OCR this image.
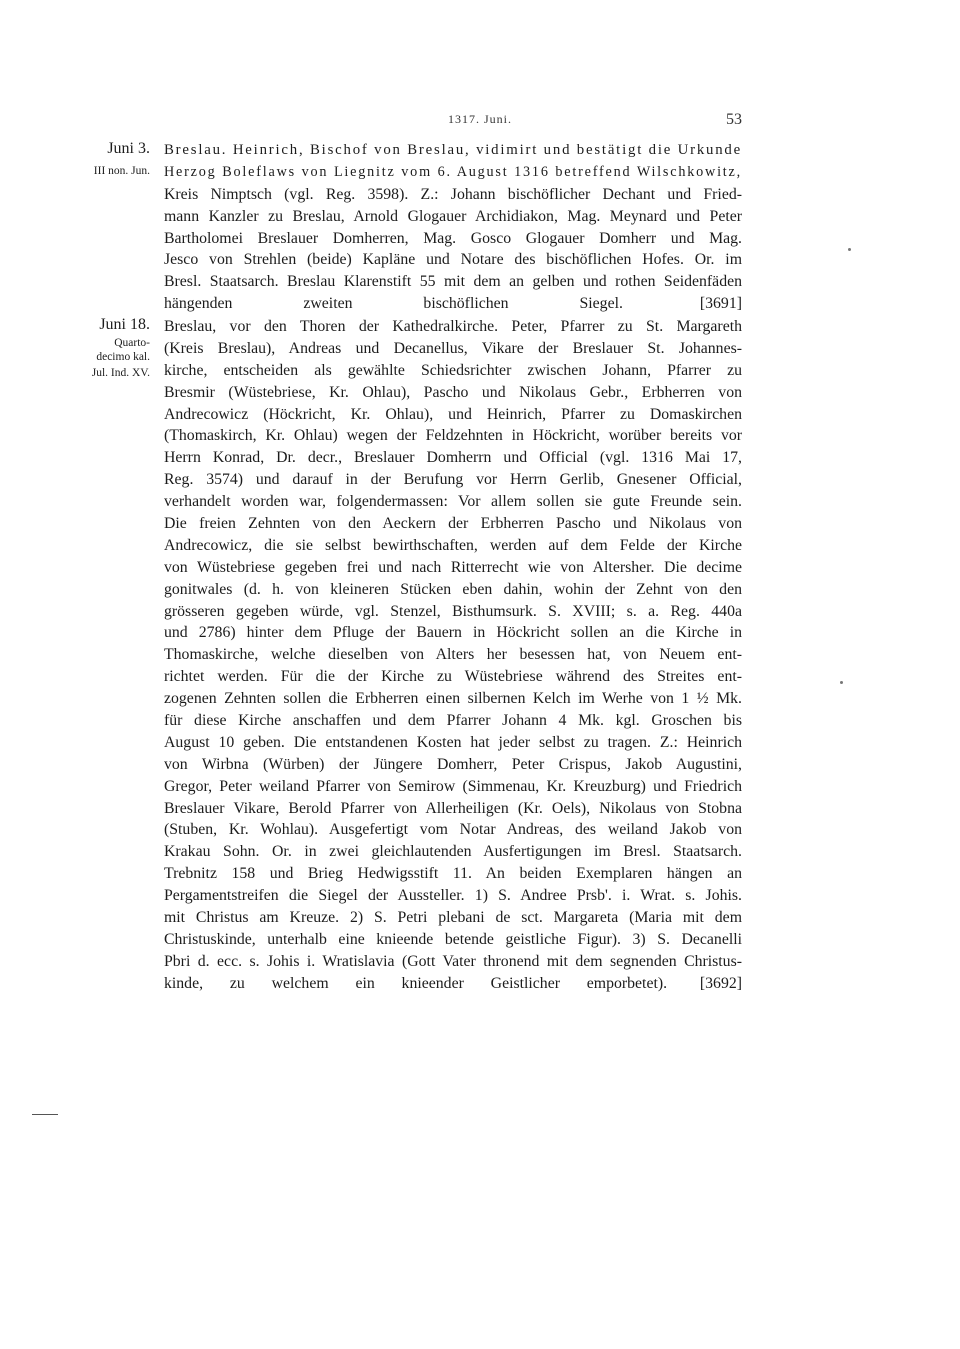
1317. Juni.	53
Juni 3.
III non. Jun.
Juni 18.
Quarto-
decimo kal.
Jul. Ind. XV.
Breslau. Heinrich, Bischof von Breslau, vidimirt und bestätigt die Urkunde
Herzog Boleflaws von Liegnitz vom 6. August 1316 betreffend Wilschkowitz,
Kreis Nimptsch (vgl. Reg. 3598). Z.: Johann bischöflicher Dechant und Fried-
mann Kanzler zu Breslau, Arnold Glogauer Archidiakon, Mag. Meynard und Peter
Bartholomei Breslauer Domherren, Mag. Gosco Glogauer Domherr und Mag.
Jesco von Strehlen (beide) Kapläne und Notare des bischöflichen Hofes. Or. im
Bresl. Staatsarch. Breslau Klarenstift 55 mit dem an gelben und rothen Seidenfäden
hängenden zweiten bischöflichen Siegel.	[3691]
Breslau, vor den Thoren der Kathedralkirche. Peter, Pfarrer zu St. Margareth
(Kreis Breslau), Andreas und Decanellus, Vikare der Breslauer St. Johannes-
kirche, entscheiden als gewählte Schiedsrichter zwischen Johann, Pfarrer zu
Bresmir (Wüstebriese, Kr. Ohlau), Pascho und Nikolaus Gebr., Erbherren von
Andrecowicz (Höckricht, Kr. Ohlau), und Heinrich, Pfarrer zu Domaskirchen
(Thomaskirch, Kr. Ohlau) wegen der Feldzehnten in Höckricht, worüber bereits vor
Herrn Konrad, Dr. decr., Breslauer Domherrn und Official (vgl. 1316 Mai 17,
Reg. 3574) und darauf in der Berufung vor Herrn Gerlib, Gnesener Official,
verhandelt worden war, folgendermassen: Vor allem sollen sie gute Freunde sein.
Die freien Zehnten von den Aeckern der Erbherren Pascho und Nikolaus von
Andrecowicz, die sie selbst bewirthschaften, werden auf dem Felde der Kirche
von Wüstebriese gegeben frei und nach Ritterrecht wie von Altersher. Die decime
gonitwales (d. h. von kleineren Stücken eben dahin, wohin der Zehnt von den
grösseren gegeben würde, vgl. Stenzel, Bisthumsurk. S. XVIII; s. a. Reg. 440a
und 2786) hinter dem Pfluge der Bauern in Höckricht sollen an die Kirche in
Thomaskirche, welche dieselben von Alters her besessen hat, von Neuem ent-
richtet werden. Für die der Kirche zu Wüstebriese während des Streites ent-
zogenen Zehnten sollen die Erbherren einen silbernen Kelch im Werhe von 1 ½ Mk.
für diese Kirche anschaffen und dem Pfarrer Johann 4 Mk. kgl. Groschen bis
August 10 geben. Die entstandenen Kosten hat jeder selbst zu tragen. Z.: Heinrich
von Wirbna (Würben) der Jüngere Domherr, Peter Crispus, Jakob Augustini,
Gregor, Peter weiland Pfarrer von Semirow (Simmenau, Kr. Kreuzburg) und Friedrich
Breslauer Vikare, Berold Pfarrer von Allerheiligen (Kr. Oels), Nikolaus von Stobna
(Stuben, Kr. Wohlau). Ausgefertigt vom Notar Andreas, des weiland Jakob von
Krakau Sohn. Or. in zwei gleichlautenden Ausfertigungen im Bresl. Staatsarch.
Trebnitz 158 und Brieg Hedwigsstift 11. An beiden Exemplaren hängen an
Pergamentstreifen die Siegel der Aussteller. 1) S. Andree Prsb'. i. Wrat. s. Johis.
mit Christus am Kreuze. 2) S. Petri plebani de sct. Margareta (Maria mit dem
Christuskinde, unterhalb eine knieende betende geistliche Figur). 3) S. Decanelli
Pbri d. ecc. s. Johis i. Wratislavia (Gott Vater thronend mit dem segnenden Christus-
kinde, zu welchem ein knieender Geistlicher emporbetet). [3692]
